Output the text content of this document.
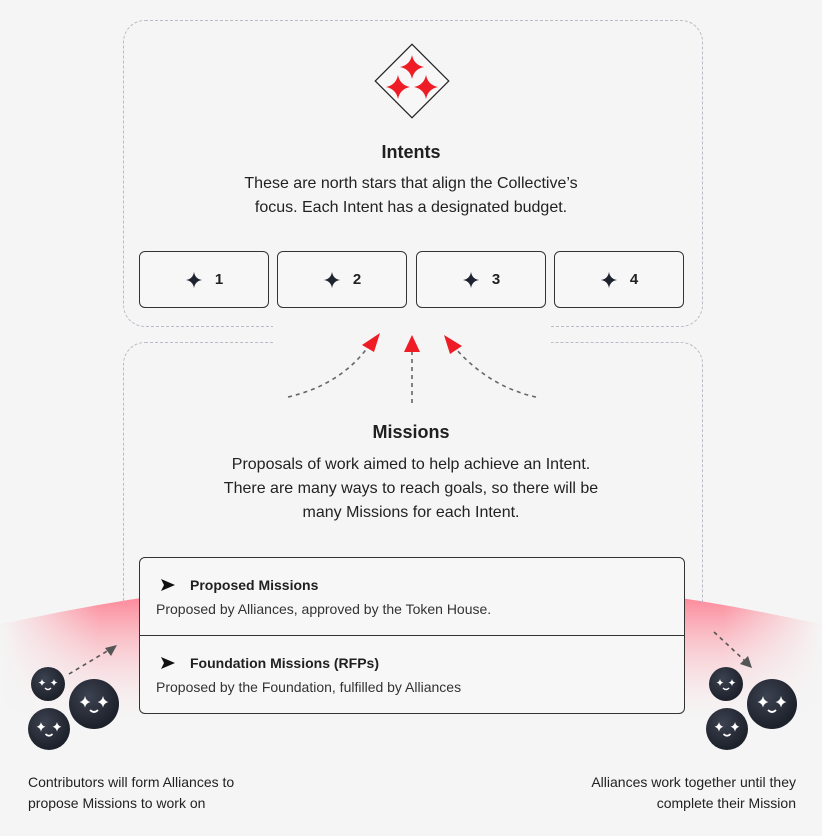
Intents
These are north stars that align the Collective’s
focus. Each Intent has a designated budget.
1	2	3	4
Missions
Proposals of work aimed to help achieve an Intent.
There are many ways to reach goals, so there will be
many Missions for each Intent.
Proposed Missions
Proposed by Alliances, approved by the Token House.
Foundation Missions (RFPs)
Proposed by the Foundation, fulfilled by Alliances
Contributors will form Alliances to
propose Missions to work on
Alliances work together until they
complete their Mission
